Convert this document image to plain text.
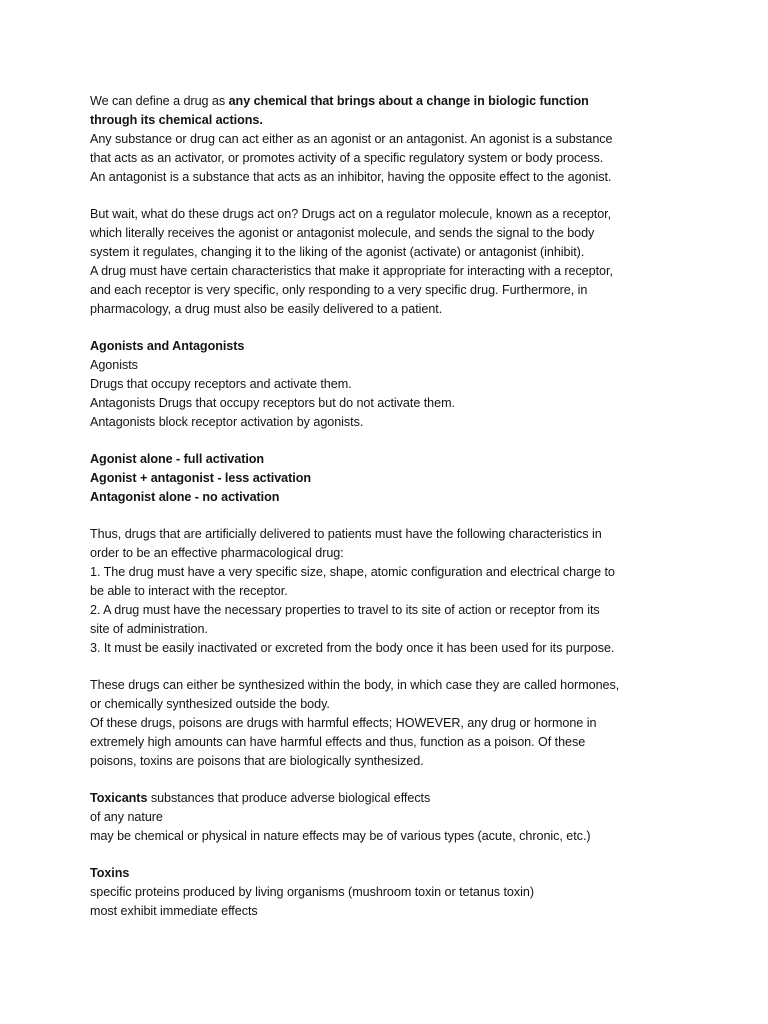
We can define a drug as any chemical that brings about a change in biologic function
through its chemical actions.
Any substance or drug can act either as an agonist or an antagonist. An agonist is a substance
that acts as an activator, or promotes activity of a specific regulatory system or body process.
An antagonist is a substance that acts as an inhibitor, having the opposite effect to the agonist.
But wait, what do these drugs act on? Drugs act on a regulator molecule, known as a receptor,
which literally receives the agonist or antagonist molecule, and sends the signal to the body
system it regulates, changing it to the liking of the agonist (activate) or antagonist (inhibit).
A drug must have certain characteristics that make it appropriate for interacting with a receptor,
and each receptor is very specific, only responding to a very specific drug. Furthermore, in
pharmacology, a drug must also be easily delivered to a patient.
Agonists and Antagonists
Agonists
Drugs that occupy receptors and activate them.
Antagonists Drugs that occupy receptors but do not activate them.
Antagonists block receptor activation by agonists.
Agonist alone - full activation
Agonist + antagonist - less activation
Antagonist alone - no activation
Thus, drugs that are artificially delivered to patients must have the following characteristics in
order to be an effective pharmacological drug:
1. The drug must have a very specific size, shape, atomic configuration and electrical charge to
be able to interact with the receptor.
2. A drug must have the necessary properties to travel to its site of action or receptor from its
site of administration.
3. It must be easily inactivated or excreted from the body once it has been used for its purpose.
These drugs can either be synthesized within the body, in which case they are called hormones,
or chemically synthesized outside the body.
Of these drugs, poisons are drugs with harmful effects; HOWEVER, any drug or hormone in
extremely high amounts can have harmful effects and thus, function as a poison. Of these
poisons, toxins are poisons that are biologically synthesized.
Toxicants substances that produce adverse biological effects
of any nature
may be chemical or physical in nature effects may be of various types (acute, chronic, etc.)
Toxins
specific proteins produced by living organisms (mushroom toxin or tetanus toxin)
most exhibit immediate effects
